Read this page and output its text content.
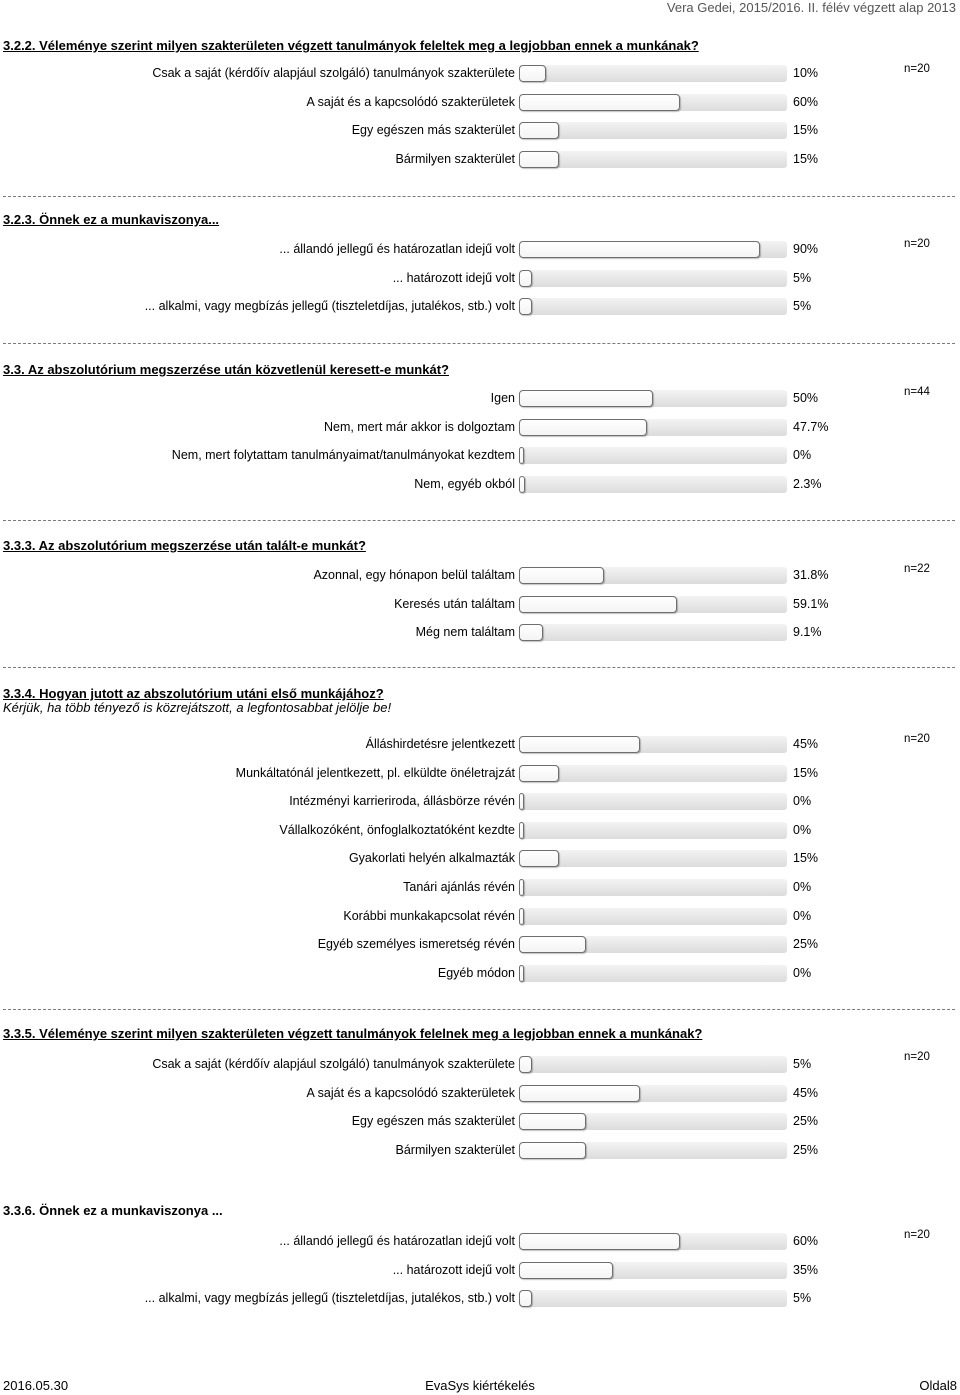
Vera Gedei, 2015/2016. II. félév végzett alap 2013
3.2.2. Véleménye szerint milyen szakterületen végzett tanulmányok feleltek meg a legjobban ennek a munkának?
n=20
Csak a saját (kérdőív alapjául szolgáló) tanulmányok szakterülete	10%
A saját és a kapcsolódó szakterületek	60%
Egy egészen más szakterület	15%
Bármilyen szakterület	15%
3.2.3. Önnek ez a munkaviszonya...
n=20
... állandó jellegű és határozatlan idejű volt	90%
... határozott idejű volt	5%
... alkalmi, vagy megbízás jellegű (tiszteletdíjas, jutalékos, stb.) volt	5%
3.3. Az abszolutórium megszerzése után közvetlenül keresett-e munkát?
n=44
Igen	50%
Nem, mert már akkor is dolgoztam	47.7%
Nem, mert folytattam tanulmányaimat/tanulmányokat kezdtem	0%
Nem, egyéb okból	2.3%
3.3.3. Az abszolutórium megszerzése után talált-e munkát?
n=22
Azonnal, egy hónapon belül találtam	31.8%
Keresés után találtam	59.1%
Még nem találtam	9.1%
3.3.4. Hogyan jutott az abszolutórium utáni első munkájához?
Kérjük, ha több tényező is közrejátszott, a legfontosabbat jelölje be!
n=20
Álláshirdetésre jelentkezett	45%
Munkáltatónál jelentkezett, pl. elküldte önéletrajzát	15%
Intézményi karrieriroda, állásbörze révén	0%
Vállalkozóként, önfoglalkoztatóként kezdte	0%
Gyakorlati helyén alkalmazták	15%
Tanári ajánlás révén	0%
Korábbi munkakapcsolat révén	0%
Egyéb személyes ismeretség révén	25%
Egyéb módon	0%
3.3.5. Véleménye szerint milyen szakterületen végzett tanulmányok felelnek meg a legjobban ennek a munkának?
n=20
Csak a saját (kérdőív alapjául szolgáló) tanulmányok szakterülete	5%
A saját és a kapcsolódó szakterületek	45%
Egy egészen más szakterület	25%
Bármilyen szakterület	25%
3.3.6. Önnek ez a munkaviszonya ...
n=20
... állandó jellegű és határozatlan idejű volt	60%
... határozott idejű volt	35%
... alkalmi, vagy megbízás jellegű (tiszteletdíjas, jutalékos, stb.) volt	5%
2016.05.30	EvaSys kiértékelés	Oldal8
